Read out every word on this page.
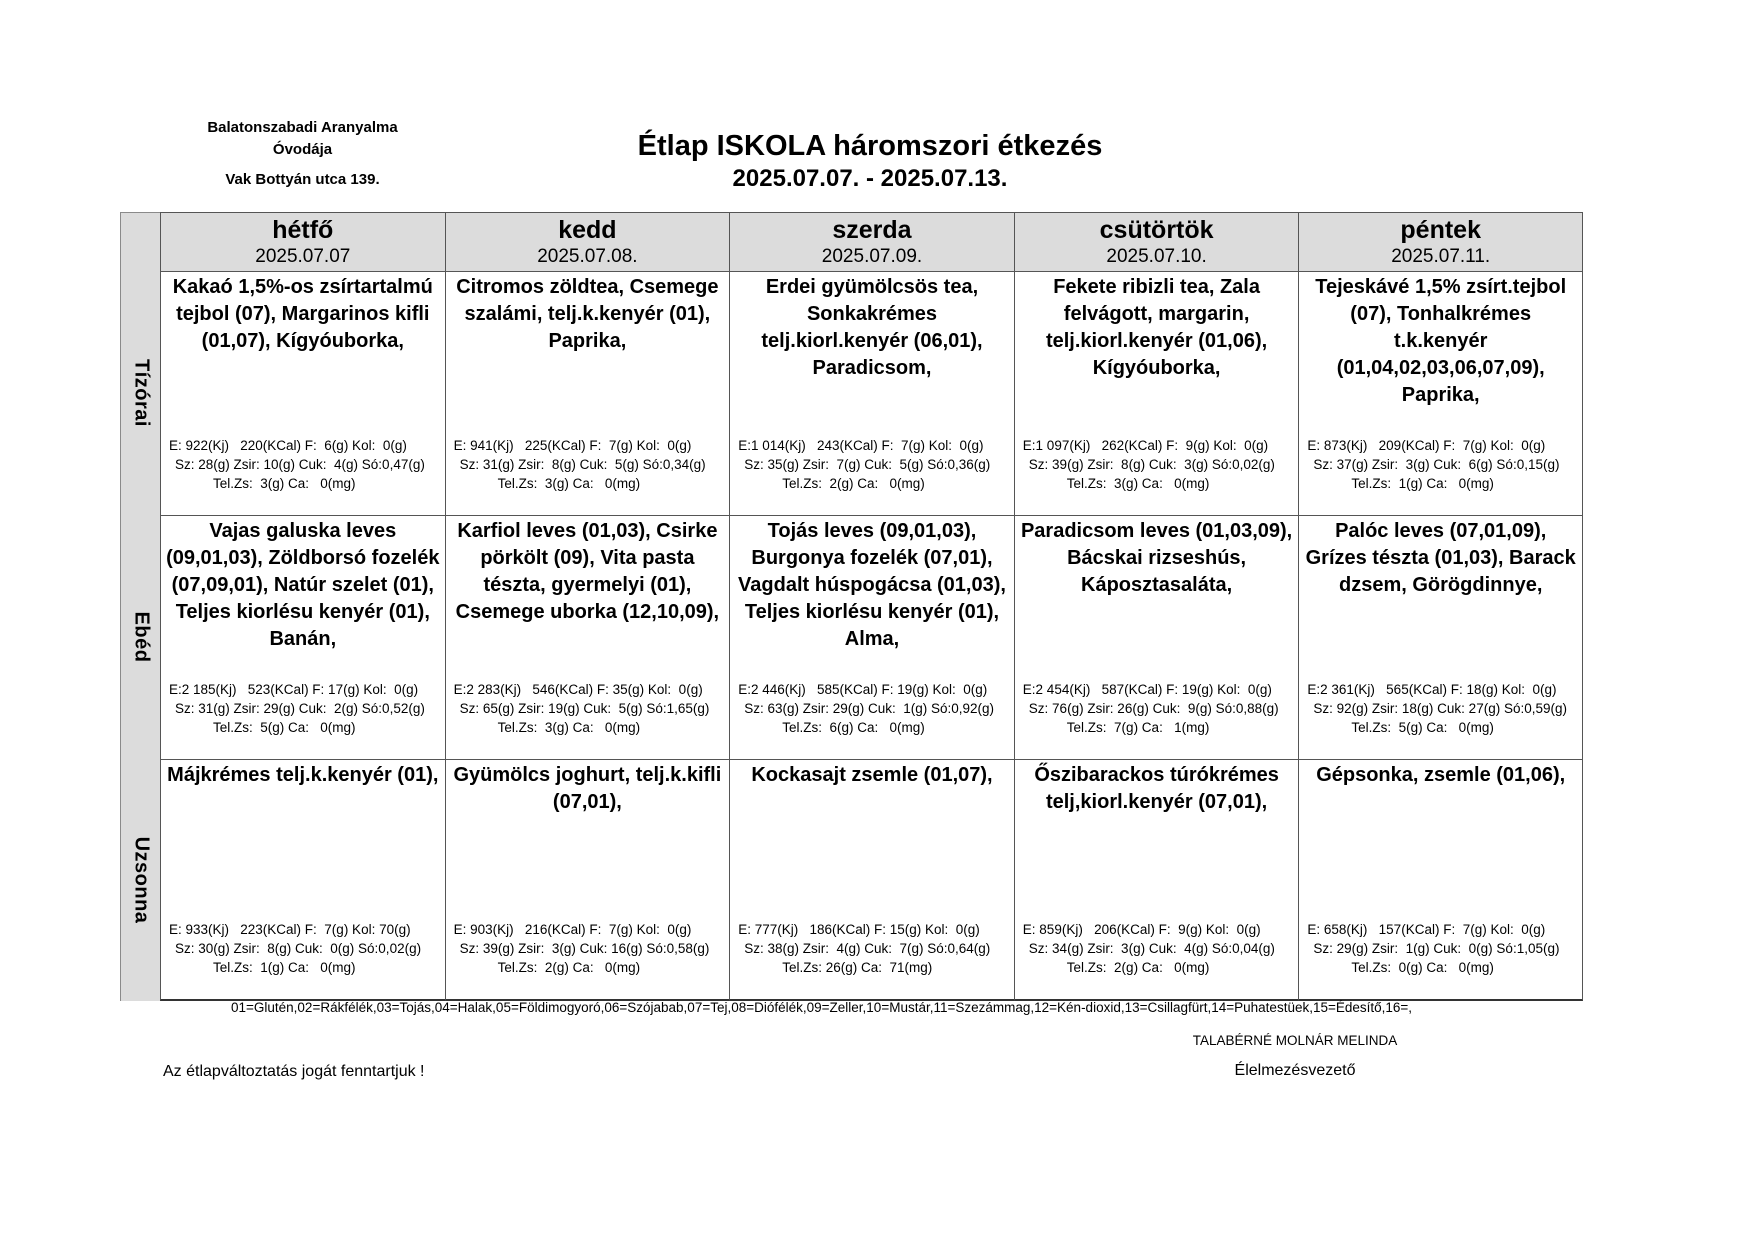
Balatonszabadi Aranyalma
Óvodája
Vak Bottyán utca 139.
Étlap ISKOLA háromszori étkezés
2025.07.07. - 2025.07.13.
hétfő
2025.07.07
kedd
2025.07.08.
szerda
2025.07.09.
csütörtök
2025.07.10.
péntek
2025.07.11.
Tízórai
Kakaó 1,5%-os zsírtartalmú tejbol (07), Margarinos kifli (01,07), Kígyóuborka,
E: 922(Kj)   220(KCal) F:  6(g) Kol:  0(g)
Sz: 28(g) Zsir: 10(g) Cuk:  4(g) Só:0,47(g)
Tel.Zs:  3(g) Ca:   0(mg)
Citromos zöldtea, Csemege szalámi, telj.k.kenyér (01), Paprika,
E: 941(Kj)   225(KCal) F:  7(g) Kol:  0(g)
Sz: 31(g) Zsir:  8(g) Cuk:  5(g) Só:0,34(g)
Tel.Zs:  3(g) Ca:   0(mg)
Erdei gyümölcsös tea, Sonkakrémes telj.kiorl.kenyér (06,01), Paradicsom,
E:1 014(Kj)   243(KCal) F:  7(g) Kol:  0(g)
Sz: 35(g) Zsir:  7(g) Cuk:  5(g) Só:0,36(g)
Tel.Zs:  2(g) Ca:   0(mg)
Fekete ribizli tea, Zala felvágott, margarin, telj.kiorl.kenyér (01,06), Kígyóuborka,
E:1 097(Kj)   262(KCal) F:  9(g) Kol:  0(g)
Sz: 39(g) Zsir:  8(g) Cuk:  3(g) Só:0,02(g)
Tel.Zs:  3(g) Ca:   0(mg)
Tejeskávé 1,5% zsírt.tejbol (07), Tonhalkrémes t.k.kenyér (01,04,02,03,06,07,09), Paprika,
E: 873(Kj)   209(KCal) F:  7(g) Kol:  0(g)
Sz: 37(g) Zsir:  3(g) Cuk:  6(g) Só:0,15(g)
Tel.Zs:  1(g) Ca:   0(mg)
Ebéd
Vajas galuska leves (09,01,03), Zöldborsó fozelék (07,09,01), Natúr szelet (01), Teljes kiorlésu kenyér (01), Banán,
E:2 185(Kj)   523(KCal) F: 17(g) Kol:  0(g)
Sz: 31(g) Zsir: 29(g) Cuk:  2(g) Só:0,52(g)
Tel.Zs:  5(g) Ca:   0(mg)
Karfiol leves (01,03), Csirke pörkölt (09), Vita pasta tészta, gyermelyi (01), Csemege uborka (12,10,09),
E:2 283(Kj)   546(KCal) F: 35(g) Kol:  0(g)
Sz: 65(g) Zsir: 19(g) Cuk:  5(g) Só:1,65(g)
Tel.Zs:  3(g) Ca:   0(mg)
Tojás leves (09,01,03), Burgonya fozelék (07,01), Vagdalt húspogácsa (01,03), Teljes kiorlésu kenyér (01), Alma,
E:2 446(Kj)   585(KCal) F: 19(g) Kol:  0(g)
Sz: 63(g) Zsir: 29(g) Cuk:  1(g) Só:0,92(g)
Tel.Zs:  6(g) Ca:   0(mg)
Paradicsom leves (01,03,09), Bácskai rizseshús, Káposztasaláta,
E:2 454(Kj)   587(KCal) F: 19(g) Kol:  0(g)
Sz: 76(g) Zsir: 26(g) Cuk:  9(g) Só:0,88(g)
Tel.Zs:  7(g) Ca:   1(mg)
Palóc leves (07,01,09), Grízes tészta (01,03), Barack dzsem, Görögdinnye,
E:2 361(Kj)   565(KCal) F: 18(g) Kol:  0(g)
Sz: 92(g) Zsir: 18(g) Cuk: 27(g) Só:0,59(g)
Tel.Zs:  5(g) Ca:   0(mg)
Uzsonna
Májkrémes telj.k.kenyér (01),
E: 933(Kj)   223(KCal) F:  7(g) Kol: 70(g)
Sz: 30(g) Zsir:  8(g) Cuk:  0(g) Só:0,02(g)
Tel.Zs:  1(g) Ca:   0(mg)
Gyümölcs joghurt, telj.k.kifli (07,01),
E: 903(Kj)   216(KCal) F:  7(g) Kol:  0(g)
Sz: 39(g) Zsir:  3(g) Cuk: 16(g) Só:0,58(g)
Tel.Zs:  2(g) Ca:   0(mg)
Kockasajt zsemle (01,07),
E: 777(Kj)   186(KCal) F: 15(g) Kol:  0(g)
Sz: 38(g) Zsir:  4(g) Cuk:  7(g) Só:0,64(g)
Tel.Zs: 26(g) Ca:  71(mg)
Őszibarackos túrókrémes telj,kiorl.kenyér (07,01),
E: 859(Kj)   206(KCal) F:  9(g) Kol:  0(g)
Sz: 34(g) Zsir:  3(g) Cuk:  4(g) Só:0,04(g)
Tel.Zs:  2(g) Ca:   0(mg)
Gépsonka, zsemle (01,06),
E: 658(Kj)   157(KCal) F:  7(g) Kol:  0(g)
Sz: 29(g) Zsir:  1(g) Cuk:  0(g) Só:1,05(g)
Tel.Zs:  0(g) Ca:   0(mg)
01=Glutén,02=Rákfélék,03=Tojás,04=Halak,05=Földimogyoró,06=Szójabab,07=Tej,08=Diófélék,09=Zeller,10=Mustár,11=Szezámmag,12=Kén-dioxid,13=Csillagfürt,14=Puhatestüek,15=Édesítő,16=,
TALABÉRNÉ MOLNÁR MELINDA
Élelmezésvezető
Az étlapváltoztatás jogát fenntartjuk !
